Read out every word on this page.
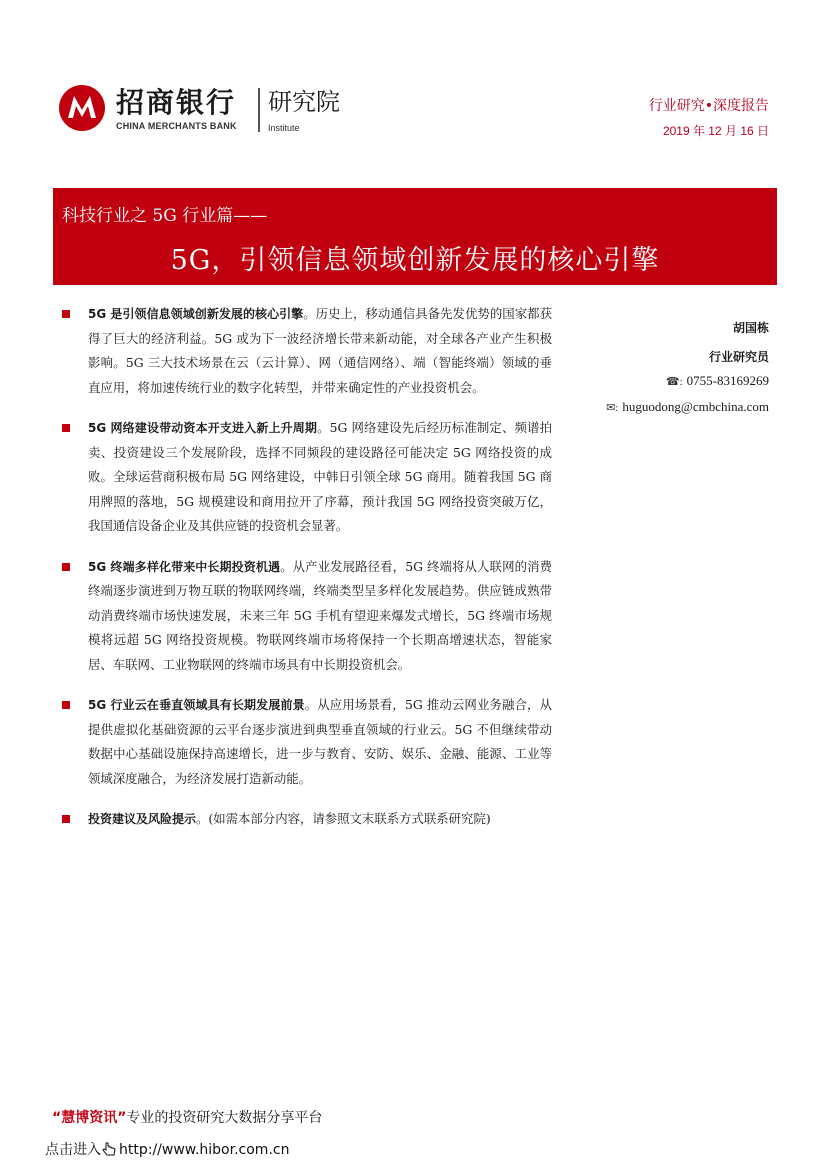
招商银行
CHINA MERCHANTS BANK
研究院
Institute
行业研究•深度报告
2019 年 12 月 16 日
科技行业之 5G 行业篇——
5G，引领信息领域创新发展的核心引擎
5G 是引领信息领域创新发展的核心引擎。历史上，移动通信具备先发优势的国家都获得了巨大的经济利益。5G 或为下一波经济增长带来新动能，对全球各产业产生积极影响。5G 三大技术场景在云（云计算）、网（通信网络）、端（智能终端）领域的垂直应用，将加速传统行业的数字化转型，并带来确定性的产业投资机会。
5G 网络建设带动资本开支进入新上升周期。5G 网络建设先后经历标准制定、频谱拍卖、投资建设三个发展阶段，选择不同频段的建设路径可能决定 5G 网络投资的成败。全球运营商积极布局 5G 网络建设，中韩日引领全球 5G 商用。随着我国 5G 商用牌照的落地，5G 规模建设和商用拉开了序幕，预计我国 5G 网络投资突破万亿，我国通信设备企业及其供应链的投资机会显著。
5G 终端多样化带来中长期投资机遇。从产业发展路径看，5G 终端将从人联网的消费终端逐步演进到万物互联的物联网终端，终端类型呈多样化发展趋势。供应链成熟带动消费终端市场快速发展，未来三年 5G 手机有望迎来爆发式增长，5G 终端市场规模将远超 5G 网络投资规模。物联网终端市场将保持一个长期高增速状态，智能家居、车联网、工业物联网的终端市场具有中长期投资机会。
5G 行业云在垂直领域具有长期发展前景。从应用场景看，5G 推动云网业务融合，从提供虚拟化基础资源的云平台逐步演进到典型垂直领域的行业云。5G 不但继续带动数据中心基础设施保持高速增长，进一步与教育、安防、娱乐、金融、能源、工业等领域深度融合，为经济发展打造新动能。
投资建议及风险提示。(如需本部分内容，请参照文末联系方式联系研究院)
胡国栋
行业研究员
☎: 0755-83169269
✉: huguodong@cmbchina.com
“慧博资讯”专业的投资研究大数据分享平台
点击进入 http://www.hibor.com.cn
